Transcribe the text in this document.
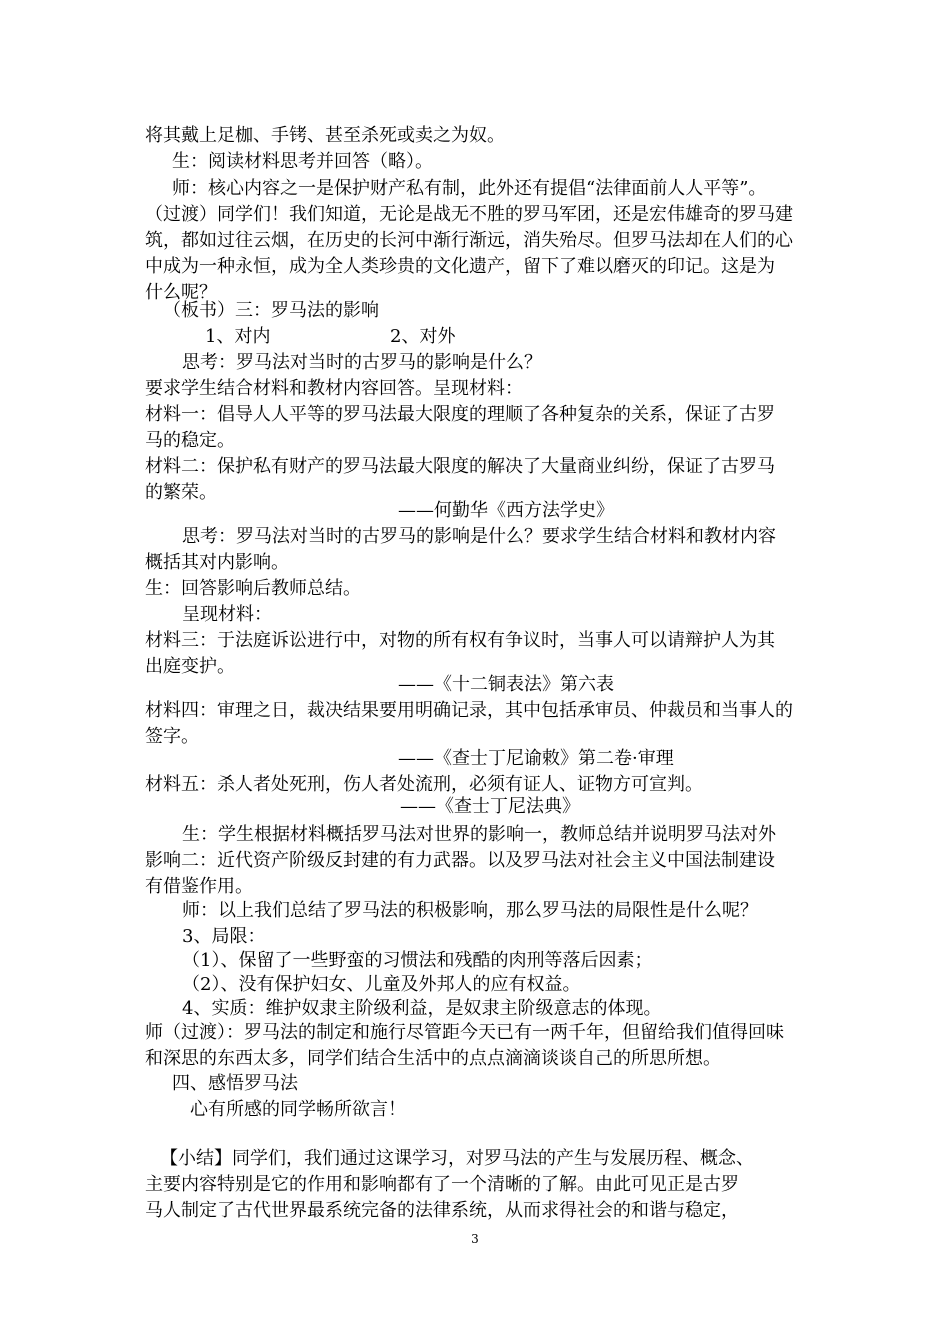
将其戴上足枷、手铐、甚至杀死或卖之为奴。
生：阅读材料思考并回答（略）。
师：核心内容之一是保护财产私有制，此外还有提倡“法律面前人人平等”。
（过渡）同学们！我们知道，无论是战无不胜的罗马军团，还是宏伟雄奇的罗马建
筑，都如过往云烟，在历史的长河中渐行渐远，消失殆尽。但罗马法却在人们的心
中成为一种永恒，成为全人类珍贵的文化遗产，留下了难以磨灭的印记。这是为
什么呢？
（板书）三：罗马法的影响
1、对内	2、对外
思考：罗马法对当时的古罗马的影响是什么？
要求学生结合材料和教材内容回答。呈现材料：
材料一：倡导人人平等的罗马法最大限度的理顺了各种复杂的关系，保证了古罗
马的稳定。
材料二：保护私有财产的罗马法最大限度的解决了大量商业纠纷，保证了古罗马
的繁荣。
——何勤华《西方法学史》
思考：罗马法对当时的古罗马的影响是什么？要求学生结合材料和教材内容
概括其对内影响。
生：回答影响后教师总结。
呈现材料：
材料三：于法庭诉讼进行中，对物的所有权有争议时，当事人可以请辩护人为其
出庭变护。
——《十二铜表法》第六表
材料四：审理之日，裁决结果要用明确记录，其中包括承审员、仲裁员和当事人的
签字。
——《查士丁尼谕敕》第二卷·审理
材料五：杀人者处死刑，伤人者处流刑，必须有证人、证物方可宣判。
——《查士丁尼法典》
生：学生根据材料概括罗马法对世界的影响一，教师总结并说明罗马法对外
影响二：近代资产阶级反封建的有力武器。以及罗马法对社会主义中国法制建设
有借鉴作用。
师：以上我们总结了罗马法的积极影响，那么罗马法的局限性是什么呢？
3、局限：
（1）、保留了一些野蛮的习惯法和残酷的肉刑等落后因素；
（2）、没有保护妇女、儿童及外邦人的应有权益。
4、实质：维护奴隶主阶级利益，是奴隶主阶级意志的体现。
师（过渡）：罗马法的制定和施行尽管距今天已有一两千年，但留给我们值得回味
和深思的东西太多，同学们结合生活中的点点滴滴谈谈自己的所思所想。
四、感悟罗马法
心有所感的同学畅所欲言！
【小结】同学们，我们通过这课学习，对罗马法的产生与发展历程、概念、
主要内容特别是它的作用和影响都有了一个清晰的了解。由此可见正是古罗
马人制定了古代世界最系统完备的法律系统，从而求得社会的和谐与稳定，
3
